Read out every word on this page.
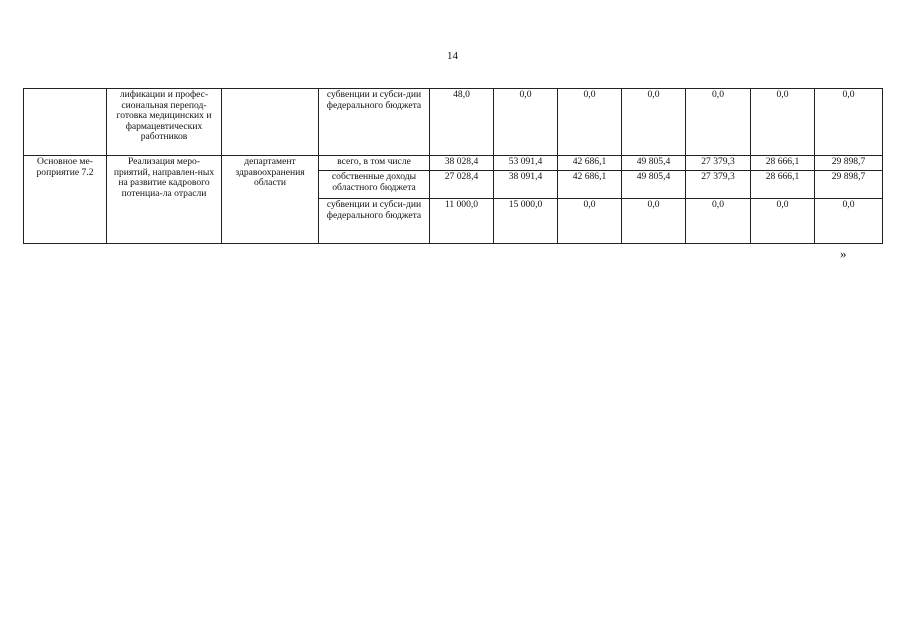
14
	лификации и профес-сиональная перепод-готовка медицинских и фармацевтических работников		субвенции и субси-дии федерального бюджета	48,0	0,0	0,0	0,0	0,0	0,0	0,0
Основное ме-роприятие 7.2	Реализация меро-приятий, направлен-ных на развитие кадрового потенциа-ла отрасли	департамент здравоохранения области	всего, в том числе	38 028,4	53 091,4	42 686,1	49 805,4	27 379,3	28 666,1	29 898,7
			собственные доходы областного бюджета	27 028,4	38 091,4	42 686,1	49 805,4	27 379,3	28 666,1	29 898,7
			субвенции и субси-дии федерального бюджета	11 000,0	15 000,0	0,0	0,0	0,0	0,0	0,0
»
